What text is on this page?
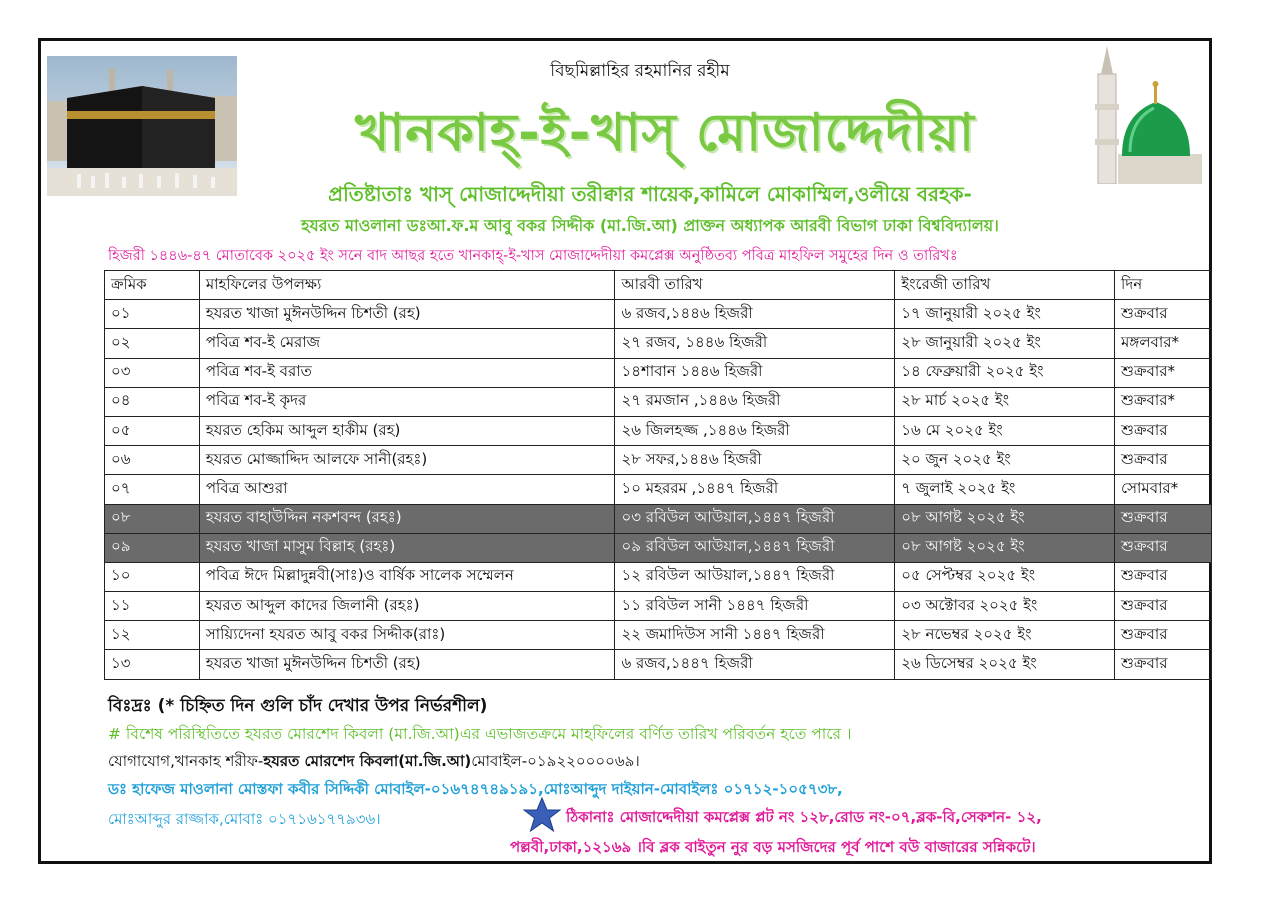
বিছমিল্লাহির রহমানির রহীম
খানকাহ্-ই-খাস্ মোজাদ্দেদীয়া
প্রতিষ্টাতাঃ খাস্ মোজাদ্দেদীয়া তরীক্বার শায়েক,কামিলে মোকাম্মিল,ওলীয়ে বরহক-
হযরত মাওলানা ডঃআ.ফ.ম আবু বকর সিদ্দীক (মা.জি.আ) প্রাক্তন অধ্যাপক আরবী বিভাগ ঢাকা বিশ্ববিদ্যালয়।
হিজরী ১৪৪৬-৪৭ মোতাবেক ২০২৫ ইং সনে বাদ আছর হতে খানকাহ্-ই-খাস মোজাদ্দেদীয়া কমপ্লেক্স অনুষ্ঠিতব্য পবিত্র মাহফিল সমুহের দিন ও তারিখঃ
ক্রমিক	মাহফিলের উপলক্ষ্য	আরবী তারিখ	ইংরেজী তারিখ	দিন
০১	হযরত খাজা মুঈনউদ্দিন চিশতী (রহ)	৬ রজব,১৪৪৬ হিজরী	১৭ জানুয়ারী ২০২৫ ইং	শুক্রবার
০২	পবিত্র শব-ই মেরাজ	২৭ রজব, ১৪৪৬ হিজরী	২৮ জানুয়ারী ২০২৫ ইং	মঙ্গলবার*
০৩	পবিত্র শব-ই বরাত	১৪শাবান ১৪৪৬ হিজরী	১৪ ফেব্রুয়ারী ২০২৫ ইং	শুক্রবার*
০৪	পবিত্র শব-ই কৃদর	২৭ রমজান ,১৪৪৬ হিজরী	২৮ মার্চ ২০২৫ ইং	শুক্রবার*
০৫	হযরত হেকিম আব্দুল হাকীম (রহ)	২৬ জিলহজ্জ ,১৪৪৬ হিজরী	১৬ মে ২০২৫ ইং	শুক্রবার
০৬	হযরত মোজ্জাদ্দিদ আলফে সানী(রহঃ)	২৮ সফর,১৪৪৬ হিজরী	২০ জুন ২০২৫ ইং	শুক্রবার
০৭	পবিত্র আশুরা	১০ মহররম ,১৪৪৭ হিজরী	৭ জুলাই ২০২৫ ইং	সোমবার*
০৮	হযরত বাহাউদ্দিন নকশবন্দ (রহঃ)	০৩ রবিউল আউয়াল,১৪৪৭ হিজরী	০৮ আগষ্ট ২০২৫ ইং	শুক্রবার
০৯	হযরত খাজা মাসুম বিল্লাহ (রহঃ)	০৯ রবিউল আউয়াল,১৪৪৭ হিজরী	০৮ আগষ্ট ২০২৫ ইং	শুক্রবার
১০	পবিত্র ঈদে মিল্লাদুন্নবী(সাঃ)ও বার্ষিক সালেক সম্মেলন	১২ রবিউল আউয়াল,১৪৪৭ হিজরী	০৫ সেপ্টম্বর ২০২৫ ইং	শুক্রবার
১১	হযরত আব্দুল কাদের জিলানী (রহঃ)	১১ রবিউল সানী ১৪৪৭ হিজরী	০৩ অক্টোবর ২০২৫ ইং	শুক্রবার
১২	সায়্যিদেনা হযরত আবু বকর সিদ্দীক(রাঃ)	২২ জমাদিউস সানী ১৪৪৭ হিজরী	২৮ নভেম্বর ২০২৫ ইং	শুক্রবার
১৩	হযরত খাজা মুঈনউদ্দিন চিশতী (রহ)	৬ রজব,১৪৪৭ হিজরী	২৬ ডিসেম্বর ২০২৫ ইং	শুক্রবার
বিঃদ্রঃ (* চিহ্নিত দিন গুলি চাঁদ দেখার উপর নির্ভরশীল)
# বিশেষ পরিস্থিতিতে হযরত মোরশেদ কিবলা (মা.জি.আ)এর এভাজতক্রমে মাহফিলের বর্ণিত তারিখ পরিবর্তন হতে পারে ।
যোগাযোগ,খানকাহ শরীফ-হযরত মোরশেদ কিবলা(মা.জি.আ)মোবাইল-০১৯২২০০০০৬৯।
ডঃ হাফেজ মাওলানা মোস্তফা কবীর সিদ্দিকী মোবাইল-০১৬৭৪৭৪৯১৯১,মোঃআব্দুদ দাইয়ান-মোবাইলঃ ০১৭১২-১০৫৭৩৮,
মোঃআব্দুর রাজ্জাক,মোবাঃ ০১৭১৬১৭৭৯৩৬।	ঠিকানাঃ মোজাদ্দেদীয়া কমপ্লেক্স প্লট নং ১২৮,রোড নং-০৭,ব্লক-বি,সেকশন- ১২,
পল্লবী,ঢাকা,১২১৬৯ ।বি ব্লক বাইতুন নুর বড় মসজিদের পূর্ব পাশে বউ বাজারের সন্নিকটে।
